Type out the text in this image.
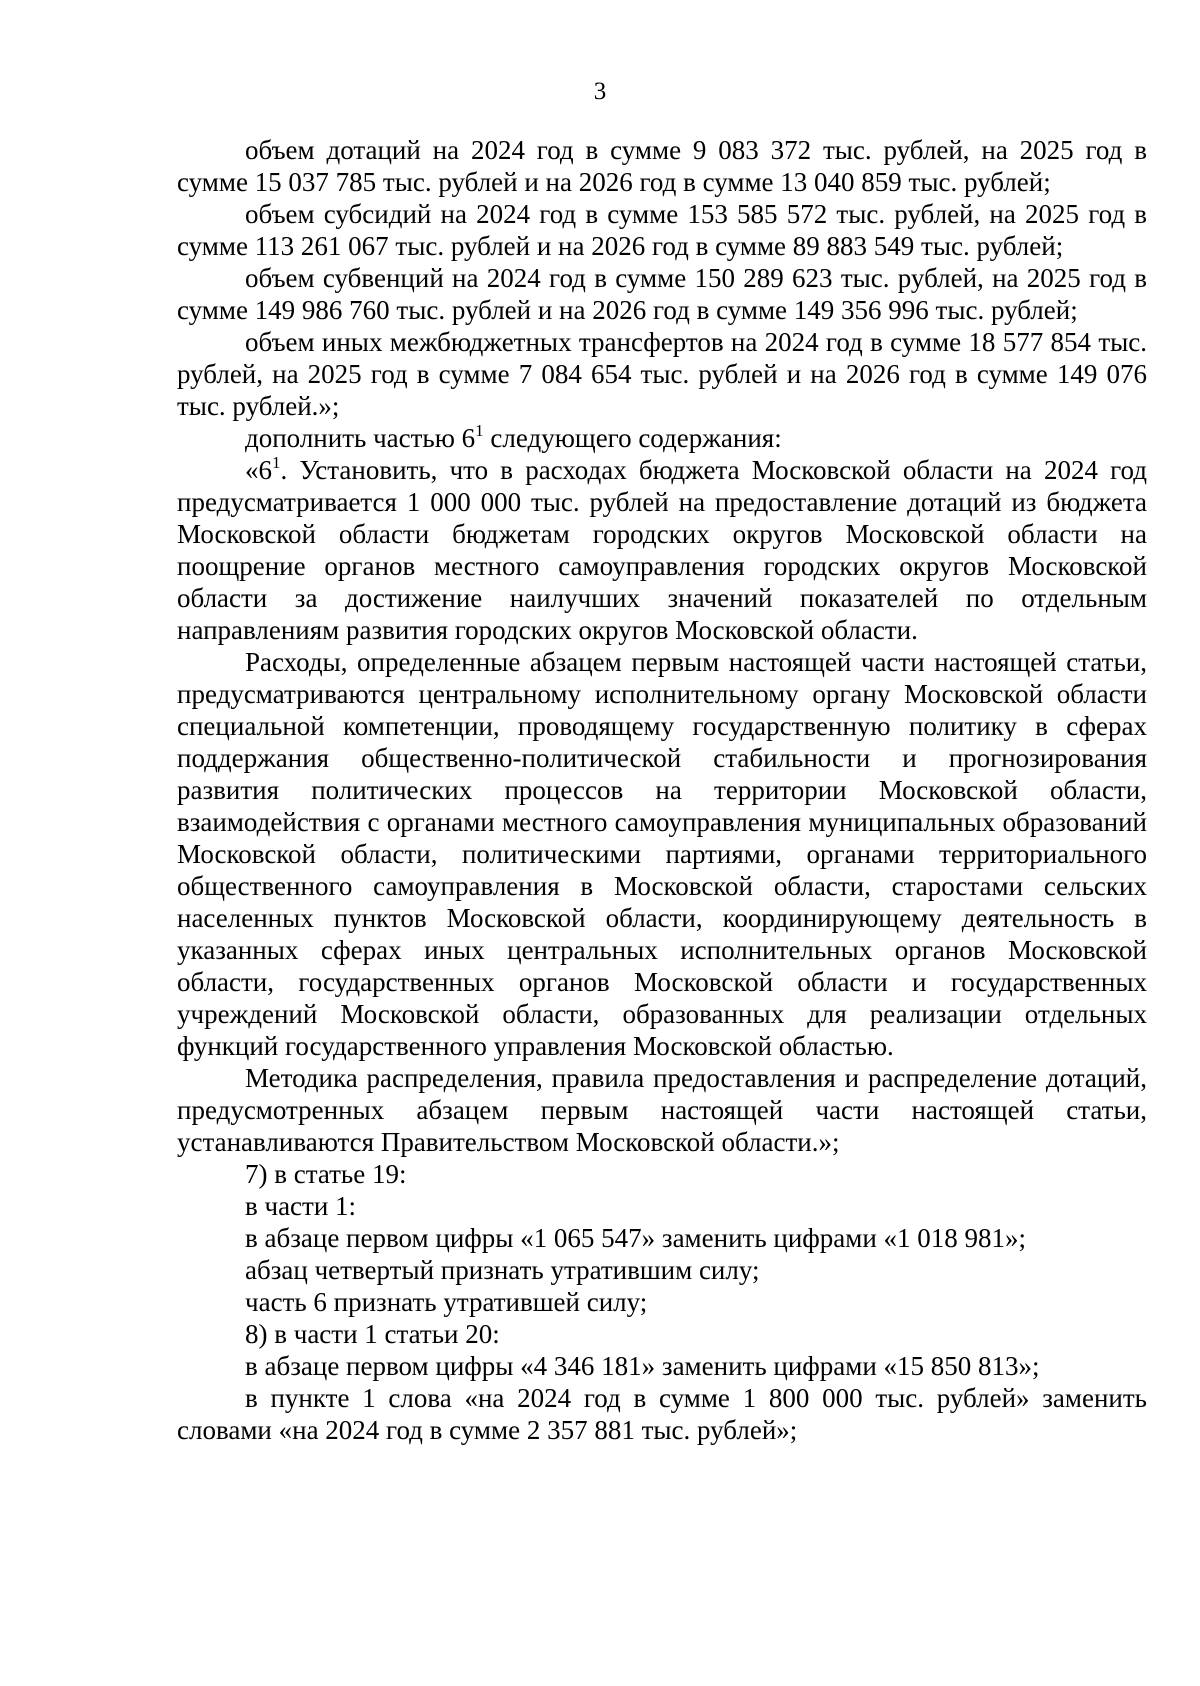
3

объем дотаций на 2024 год в сумме 9 083 372 тыс. рублей, на 2025 год в сумме 15 037 785 тыс. рублей и на 2026 год в сумме 13 040 859 тыс. рублей;

объем субсидий на 2024 год в сумме 153 585 572 тыс. рублей, на 2025 год в сумме 113 261 067 тыс. рублей и на 2026 год в сумме 89 883 549 тыс. рублей;

объем субвенций на 2024 год в сумме 150 289 623 тыс. рублей, на 2025 год в сумме 149 986 760 тыс. рублей и на 2026 год в сумме 149 356 996 тыс. рублей;

объем иных межбюджетных трансфертов на 2024 год в сумме 18 577 854 тыс. рублей, на 2025 год в сумме 7 084 654 тыс. рублей и на 2026 год в сумме 149 076 тыс. рублей.»;

дополнить частью $6^1$ следующего содержания:

«$6^1$. Установить, что в расходах бюджета Московской области на 2024 год предусматривается 1 000 000 тыс. рублей на предоставление дотаций из бюджета Московской области бюджетам городских округов Московской области на поощрение органов местного самоуправления городских округов Московской области за достижение наилучших значений показателей по отдельным направлениям развития городских округов Московской области.

Расходы, определенные абзацем первым настоящей части настоящей статьи, предусматриваются центральному исполнительному органу Московской области специальной компетенции, проводящему государственную политику в сферах поддержания общественно-политической стабильности и прогнозирования развития политических процессов на территории Московской области, взаимодействия с органами местного самоуправления муниципальных образований Московской области, политическими партиями, органами территориального общественного самоуправления в Московской области, старостами сельских населенных пунктов Московской области, координирующему деятельность в указанных сферах иных центральных исполнительных органов Московской области, государственных органов Московской области и государственных учреждений Московской области, образованных для реализации отдельных функций государственного управления Московской областью.

Методика распределения, правила предоставления и распределение дотаций, предусмотренных абзацем первым настоящей части настоящей статьи, устанавливаются Правительством Московской области.»;

7) в статье 19:

в части 1:

в абзаце первом цифры «1 065 547» заменить цифрами «1 018 981»;

абзац четвертый признать утратившим силу;

часть 6 признать утратившей силу;

8) в части 1 статьи 20:

в абзаце первом цифры «4 346 181» заменить цифрами «15 850 813»;

в пункте 1 слова «на 2024 год в сумме 1 800 000 тыс. рублей» заменить словами «на 2024 год в сумме 2 357 881 тыс. рублей»;
